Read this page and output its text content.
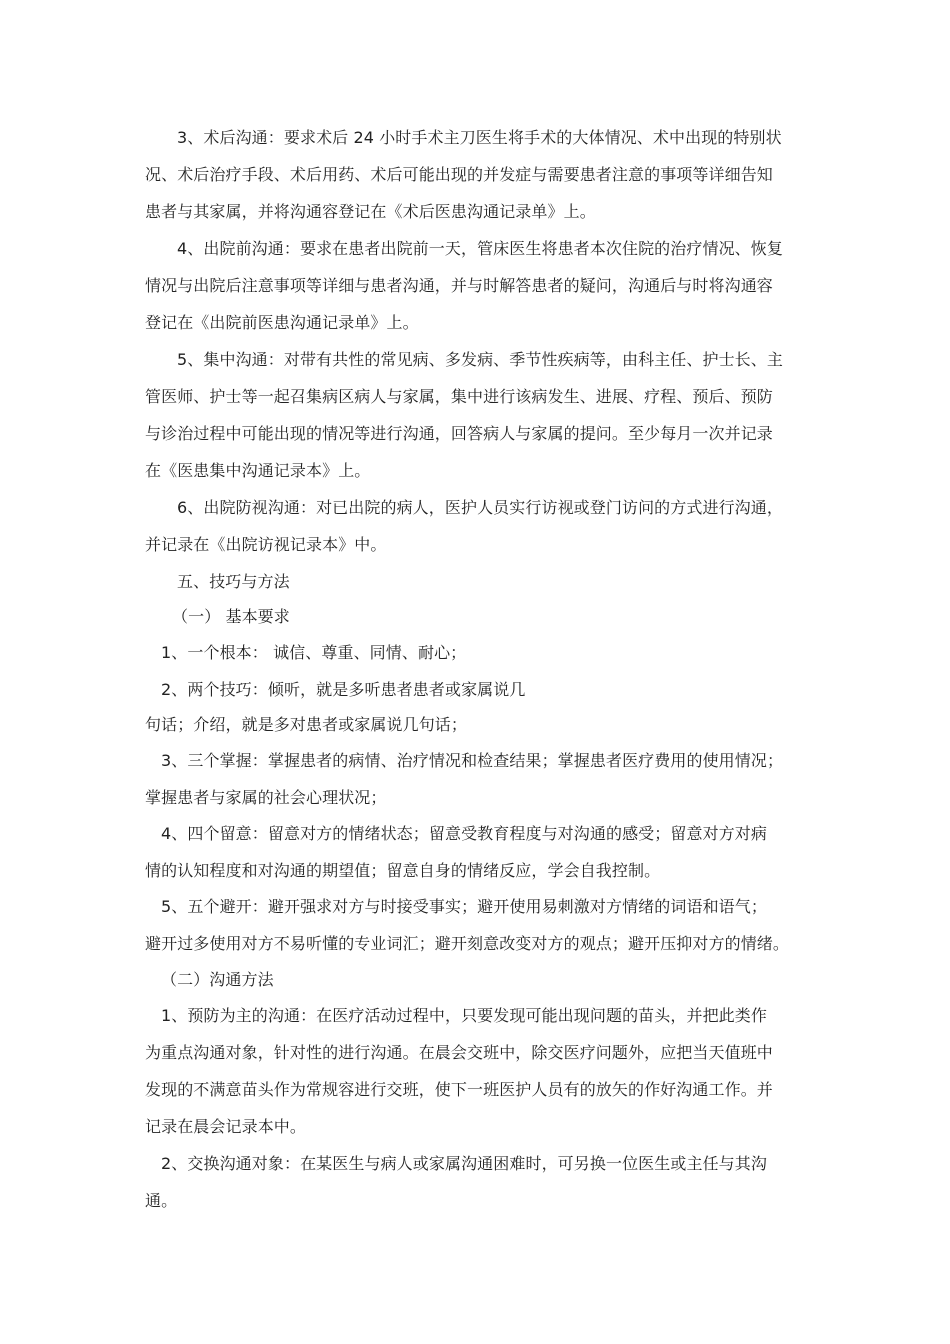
3、术后沟通：要求术后 24 小时手术主刀医生将手术的大体情况、术中出现的特别状
况、术后治疗手段、术后用药、术后可能出现的并发症与需要患者注意的事项等详细告知
患者与其家属，并将沟通容登记在《术后医患沟通记录单》上。
4、出院前沟通：要求在患者出院前一天，管床医生将患者本次住院的治疗情况、恢复
情况与出院后注意事项等详细与患者沟通，并与时解答患者的疑问，沟通后与时将沟通容
登记在《出院前医患沟通记录单》上。
5、集中沟通：对带有共性的常见病、多发病、季节性疾病等，由科主任、护士长、主
管医师、护士等一起召集病区病人与家属，集中进行该病发生、进展、疗程、预后、预防
与诊治过程中可能出现的情况等进行沟通，回答病人与家属的提问。至少每月一次并记录
在《医患集中沟通记录本》上。
6、出院防视沟通：对已出院的病人，医护人员实行访视或登门访问的方式进行沟通，
并记录在《出院访视记录本》中。
五、技巧与方法
（一） 基本要求
1、一个根本： 诚信、尊重、同情、耐心；
2、两个技巧：倾听，就是多听患者患者或家属说几
句话；介绍，就是多对患者或家属说几句话；
3、三个掌握：掌握患者的病情、治疗情况和检查结果；掌握患者医疗费用的使用情况；
掌握患者与家属的社会心理状况；
4、四个留意：留意对方的情绪状态；留意受教育程度与对沟通的感受；留意对方对病
情的认知程度和对沟通的期望值；留意自身的情绪反应，学会自我控制。
5、五个避开：避开强求对方与时接受事实；避开使用易刺激对方情绪的词语和语气；
避开过多使用对方不易听懂的专业词汇；避开刻意改变对方的观点；避开压抑对方的情绪。
（二）沟通方法
1、预防为主的沟通：在医疗活动过程中，只要发现可能出现问题的苗头，并把此类作
为重点沟通对象，针对性的进行沟通。在晨会交班中，除交医疗问题外，应把当天值班中
发现的不满意苗头作为常规容进行交班，使下一班医护人员有的放矢的作好沟通工作。并
记录在晨会记录本中。
2、交换沟通对象：在某医生与病人或家属沟通困难时，可另换一位医生或主任与其沟
通。
